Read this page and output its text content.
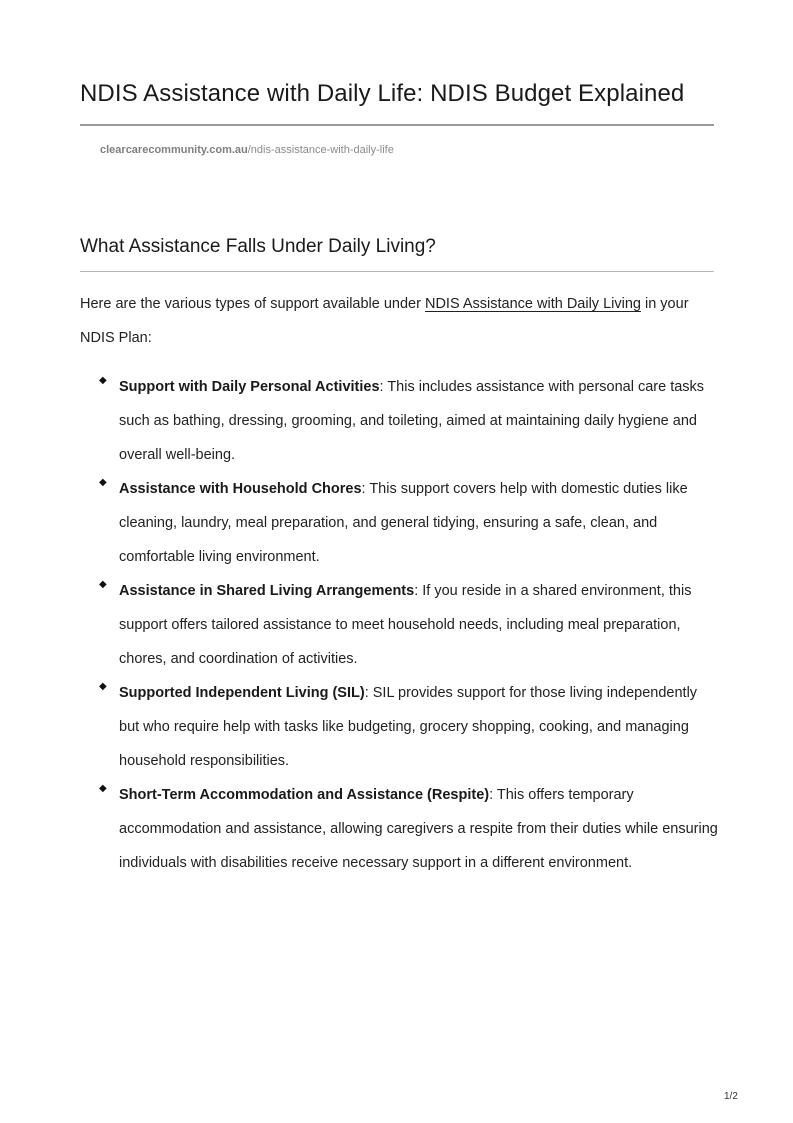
NDIS Assistance with Daily Life: NDIS Budget Explained
clearcarecommunity.com.au/ndis-assistance-with-daily-life
What Assistance Falls Under Daily Living?

Here are the various types of support available under NDIS Assistance with Daily Living in your NDIS Plan:

◆ Support with Daily Personal Activities: This includes assistance with personal care tasks such as bathing, dressing, grooming, and toileting, aimed at maintaining daily hygiene and overall well-being.
◆ Assistance with Household Chores: This support covers help with domestic duties like cleaning, laundry, meal preparation, and general tidying, ensuring a safe, clean, and comfortable living environment.
◆ Assistance in Shared Living Arrangements: If you reside in a shared environment, this support offers tailored assistance to meet household needs, including meal preparation, chores, and coordination of activities.
◆ Supported Independent Living (SIL): SIL provides support for those living independently but who require help with tasks like budgeting, grocery shopping, cooking, and managing household responsibilities.
◆ Short-Term Accommodation and Assistance (Respite): This offers temporary accommodation and assistance, allowing caregivers a respite from their duties while ensuring individuals with disabilities receive necessary support in a different environment.
1/2
